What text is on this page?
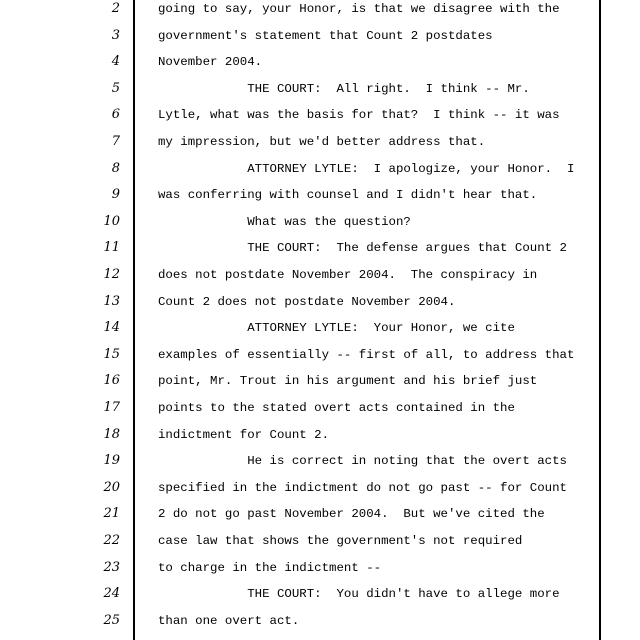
2	going to say, your Honor, is that we disagree with the
3	government's statement that Count 2 postdates
4	November 2004.
5	THE COURT:  All right.  I think -- Mr.
6	Lytle, what was the basis for that?  I think -- it was
7	my impression, but we'd better address that.
8	ATTORNEY LYTLE:  I apologize, your Honor.  I
9	was conferring with counsel and I didn't hear that.
10	What was the question?
11	THE COURT:  The defense argues that Count 2
12	does not postdate November 2004.  The conspiracy in
13	Count 2 does not postdate November 2004.
14	ATTORNEY LYTLE:  Your Honor, we cite
15	examples of essentially -- first of all, to address that
16	point, Mr. Trout in his argument and his brief just
17	points to the stated overt acts contained in the
18	indictment for Count 2.
19	He is correct in noting that the overt acts
20	specified in the indictment do not go past -- for Count
21	2 do not go past November 2004.  But we've cited the
22	case law that shows the government's not required
23	to charge in the indictment --
24	THE COURT:  You didn't have to allege more
25	than one overt act.
